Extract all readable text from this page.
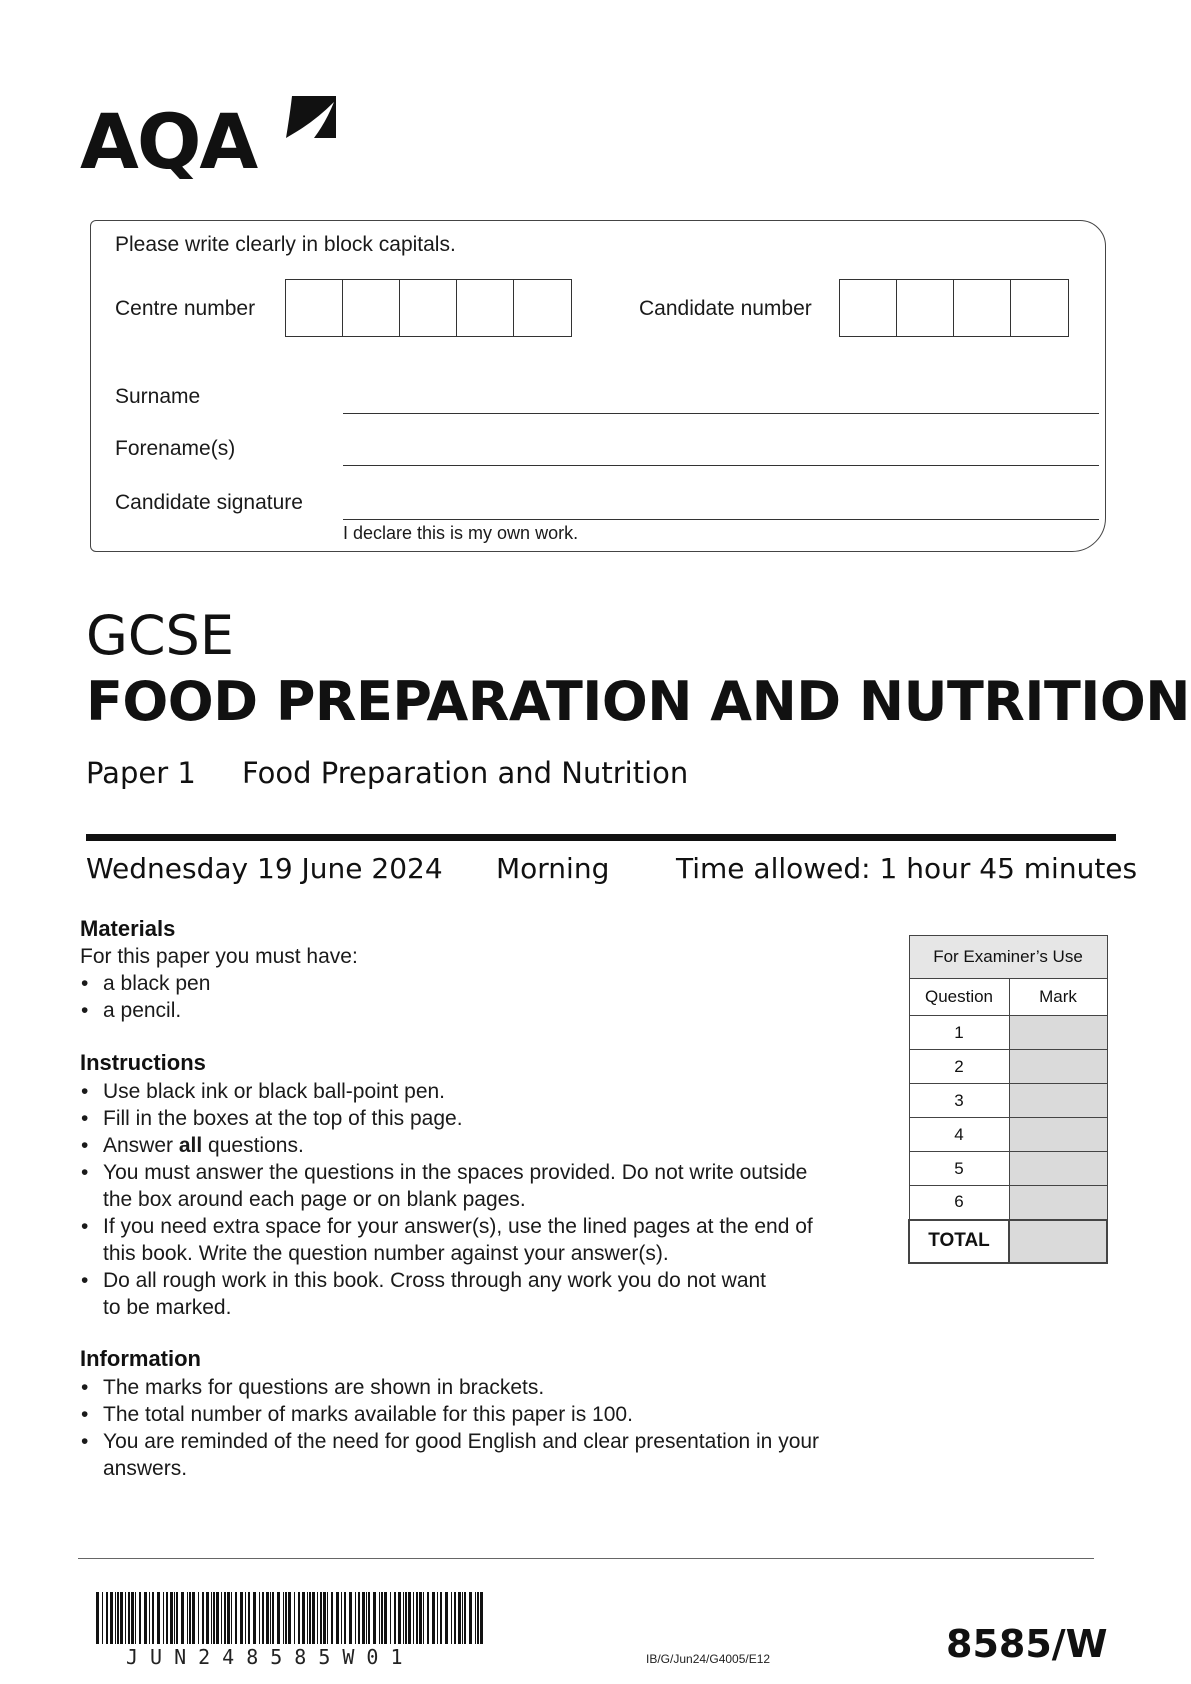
AQA
Please write clearly in block capitals.
Centre number	Candidate number
Surname
Forename(s)
Candidate signature
I declare this is my own work.
GCSE
FOOD PREPARATION AND NUTRITION
Paper 1 Food Preparation and Nutrition
Wednesday 19 June 2024 Morning Time allowed: 1 hour 45 minutes
Materials
For this paper you must have:
• a black pen
• a pencil.
Instructions
• Use black ink or black ball-point pen.
• Fill in the boxes at the top of this page.
• Answer all questions.
• You must answer the questions in the spaces provided. Do not write outside
the box around each page or on blank pages.
• If you need extra space for your answer(s), use the lined pages at the end of
this book. Write the question number against your answer(s).
• Do all rough work in this book. Cross through any work you do not want
to be marked.
Information
• The marks for questions are shown in brackets.
• The total number of marks available for this paper is 100.
• You are reminded of the need for good English and clear presentation in your
answers.
For Examiner’s Use	
Question	Mark
1	
2	
3	
4	
5	
6	
TOTAL	
JUN248585W01	IB/G/Jun24/G4005/E12	8585/W
